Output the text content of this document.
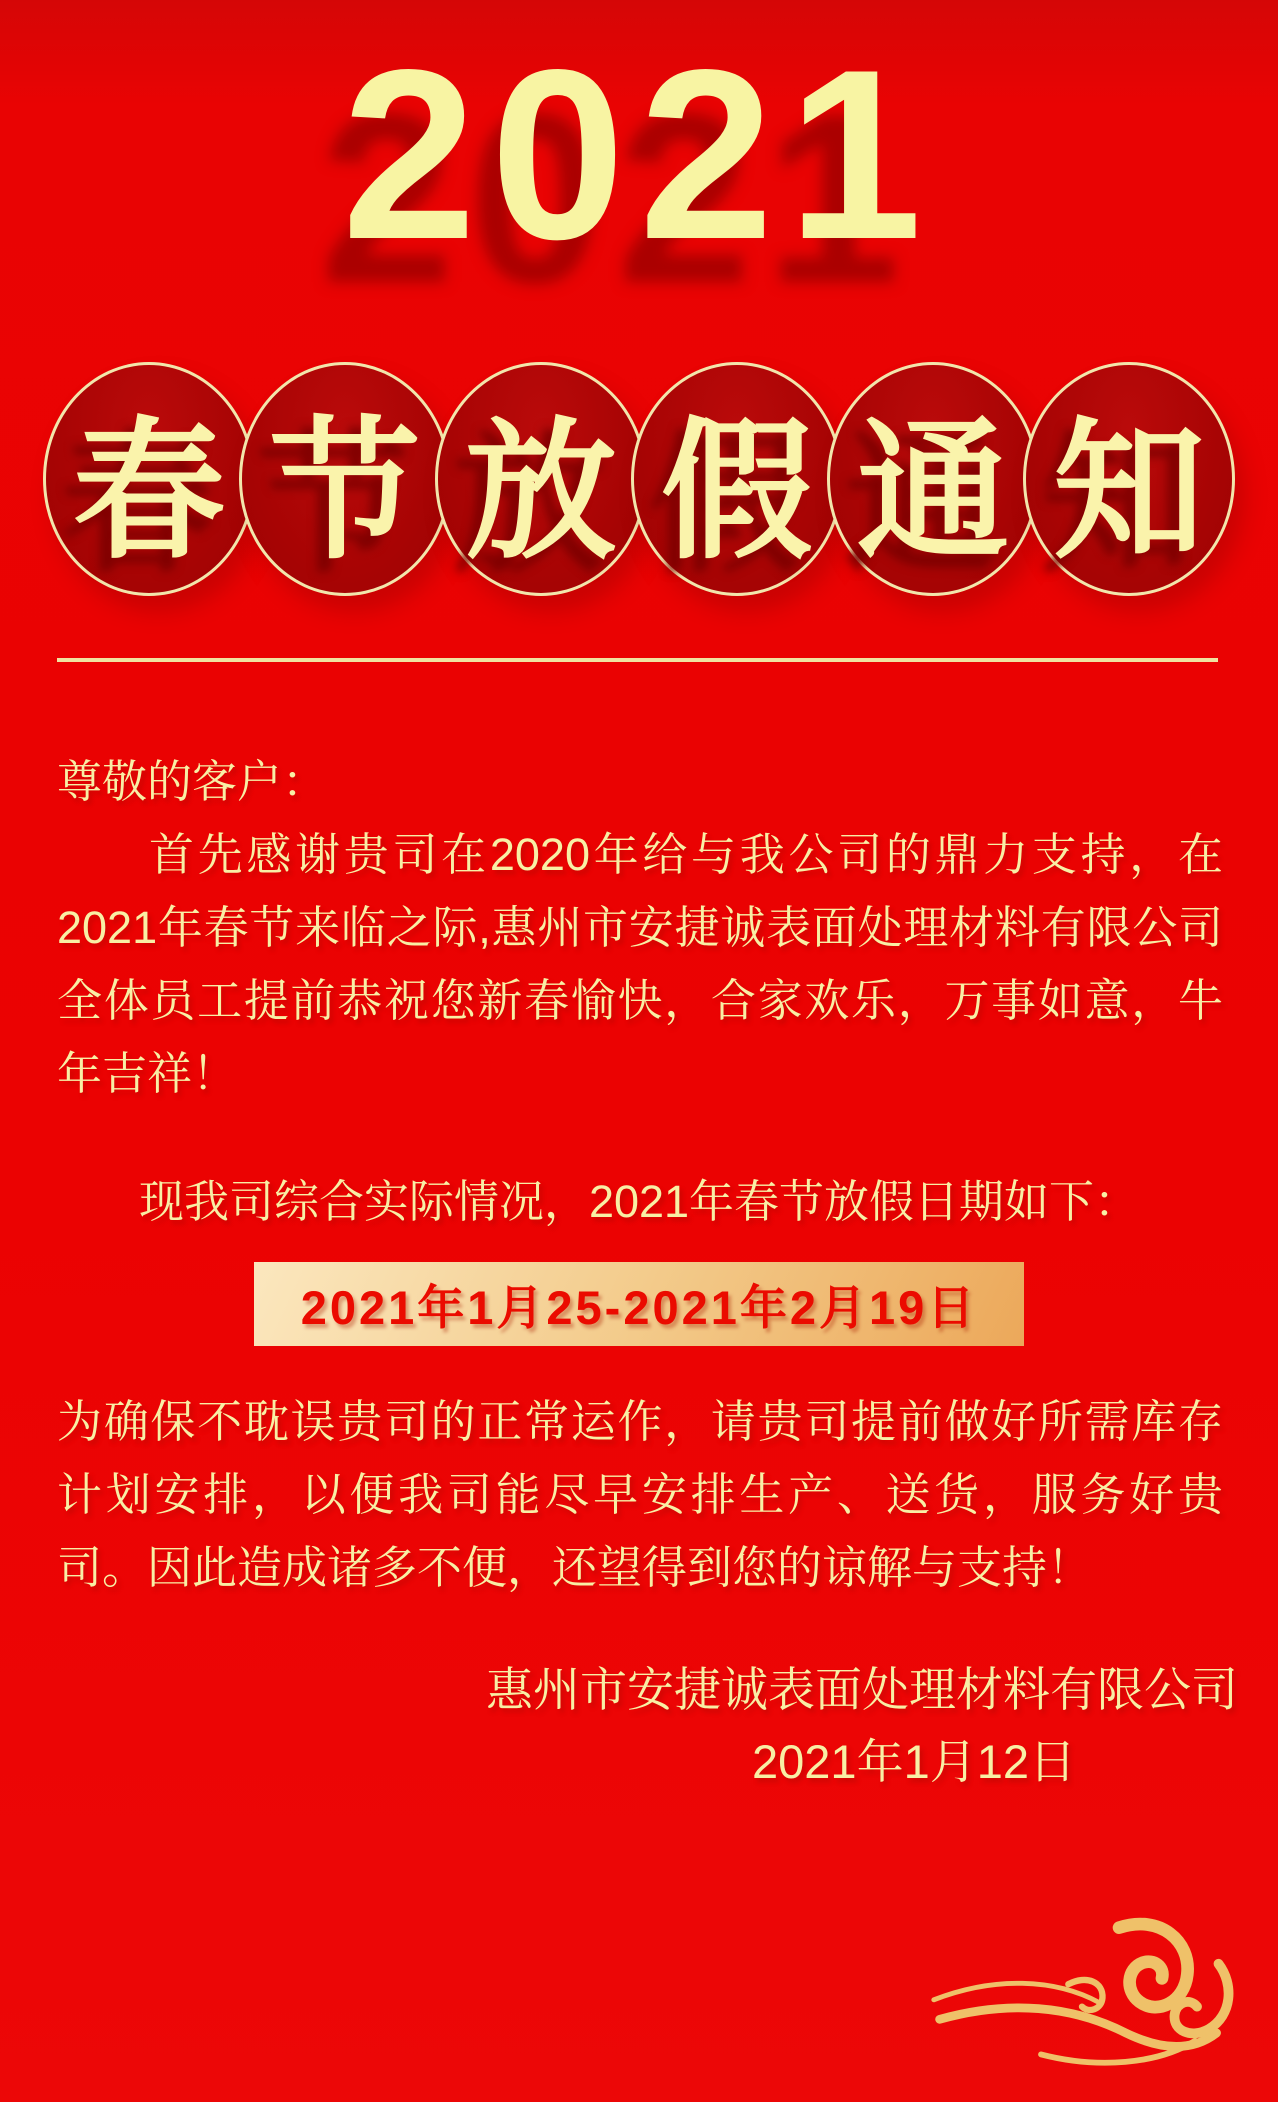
2021
春 节 放 假 通 知
尊敬的客户：

首先感谢贵司在2020年给与我公司的鼎力支持，在2021年春节来临之际,惠州市安捷诚表面处理材料有限公司全体员工提前恭祝您新春愉快，合家欢乐，万事如意，牛年吉祥！

现我司综合实际情况，2021年春节放假日期如下：
2021年1月25-2021年2月19日

为确保不耽误贵司的正常运作，请贵司提前做好所需库存计划安排，以便我司能尽早安排生产、送货，服务好贵司。因此造成诸多不便，还望得到您的谅解与支持！

惠州市安捷诚表面处理材料有限公司
2021年1月12日
